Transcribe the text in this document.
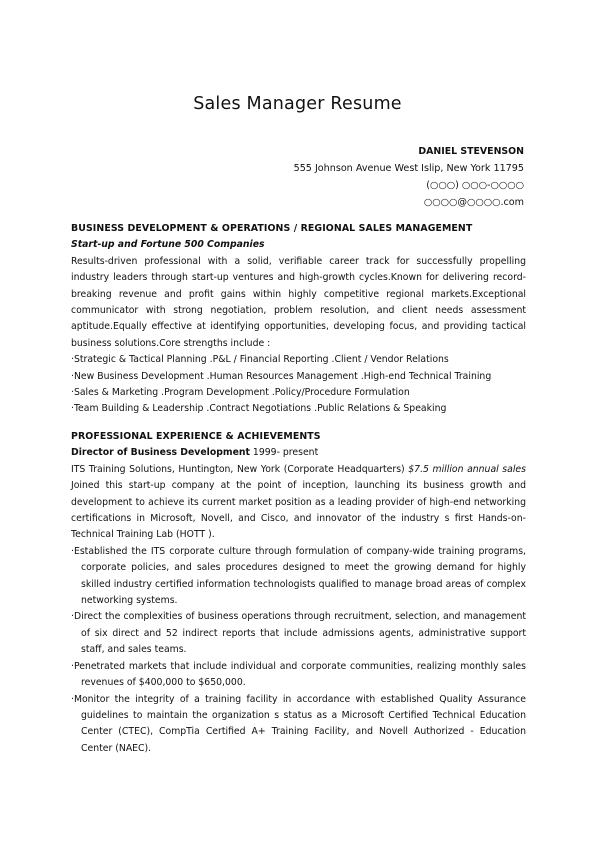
Sales Manager Resume
DANIEL STEVENSON
555 Johnson Avenue West Islip, New York 11795
(○○○) ○○○-○○○○
○○○○@○○○○.com
BUSINESS DEVELOPMENT & OPERATIONS / REGIONAL SALES MANAGEMENT
Start-up and Fortune 500 Companies
Results-driven professional with a solid, verifiable career track for successfully propelling industry leaders through start-up ventures and high-growth cycles.Known for delivering record-breaking revenue and profit gains within highly competitive regional markets.Exceptional communicator with strong negotiation, problem resolution, and client needs assessment aptitude.Equally effective at identifying opportunities, developing focus, and providing tactical business solutions.Core strengths include :
·Strategic & Tactical Planning .P&L / Financial Reporting .Client / Vendor Relations
·New Business Development .Human Resources Management .High-end Technical Training
·Sales & Marketing .Program Development .Policy/Procedure Formulation
·Team Building & Leadership .Contract Negotiations .Public Relations & Speaking
PROFESSIONAL EXPERIENCE & ACHIEVEMENTS
Director of Business Development 1999- present
ITS Training Solutions, Huntington, New York (Corporate Headquarters) $7.5 million annual sales Joined this start-up company at the point of inception, launching its business growth and development to achieve its current market position as a leading provider of high-end networking certifications in Microsoft, Novell, and Cisco, and innovator of the industry s first Hands-on-Technical Training Lab (HOTT ).
·Established the ITS corporate culture through formulation of company-wide training programs, corporate policies, and sales procedures designed to meet the growing demand for highly skilled industry certified information technologists qualified to manage broad areas of complex networking systems.
·Direct the complexities of business operations through recruitment, selection, and management of six direct and 52 indirect reports that include admissions agents, administrative support staff, and sales teams.
·Penetrated markets that include individual and corporate communities, realizing monthly sales revenues of $400,000 to $650,000.
·Monitor the integrity of a training facility in accordance with established Quality Assurance guidelines to maintain the organization s status as a Microsoft Certified Technical Education Center (CTEC), CompTia Certified A+ Training Facility, and Novell Authorized - Education Center (NAEC).
